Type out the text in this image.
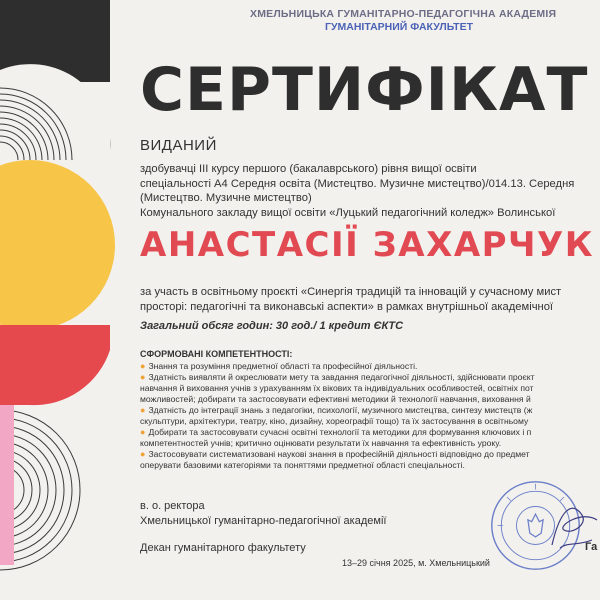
ХМЕЛЬНИЦЬКА ГУМАНІТАРНО-ПЕДАГОГІЧНА АКАДЕМІЯ
ГУМАНІТАРНИЙ ФАКУЛЬТЕТ
СЕРТИФІКАТ
ВИДАНИЙ
здобувачці ІІІ курсу першого (бакалаврського) рівня вищої освіти
спеціальності А4 Середня освіта (Мистецтво. Музичне мистецтво)/014.13. Середня
(Мистецтво. Музичне мистецтво)
Комунального закладу вищої освіти «Луцький педагогічний коледж» Волинської
АНАСТАСІЇ ЗАХАРЧУК
за участь в освітньому проєкті «Синергія традицій та інновацій у сучасному мист
просторі: педагогічні та виконавські аспекти» в рамках внутрішньої академічної
Загальний обсяг годин: 30 год./ 1 кредит ЄКТС
СФОРМОВАНІ КОМПЕТЕНТНОСТІ:
● Знання та розуміння предметної області та професійної діяльності.
● Здатність виявляти й окреслювати мету та завдання педагогічної діяльності, здійснювати проєкт
навчання й виховання учнів з урахуванням їх вікових та індивідуальних особливостей, освітніх пот
можливостей; добирати та застосовувати ефективні методики й технології навчання, виховання й
● Здатність до інтеграції знань з педагогіки, психології, музичного мистецтва, синтезу мистецтв (ж
скульптури, архітектури, театру, кіно, дизайну, хореографії тощо) та їх застосування в освітньому
● Добирати та застосовувати сучасні освітні технології та методики для формування ключових і п
компетентностей учнів; критично оцінювати результати їх навчання та ефективність уроку.
● Застосовувати систематизовані наукові знання в професійній діяльності відповідно до предмет
оперувати базовими категоріями та поняттями предметної області спеціальності.
в. о. ректора
Хмельницької гуманітарно-педагогічної академії
Декан гуманітарного факультету
13–29 січня 2025, м. Хмельницький
Га
